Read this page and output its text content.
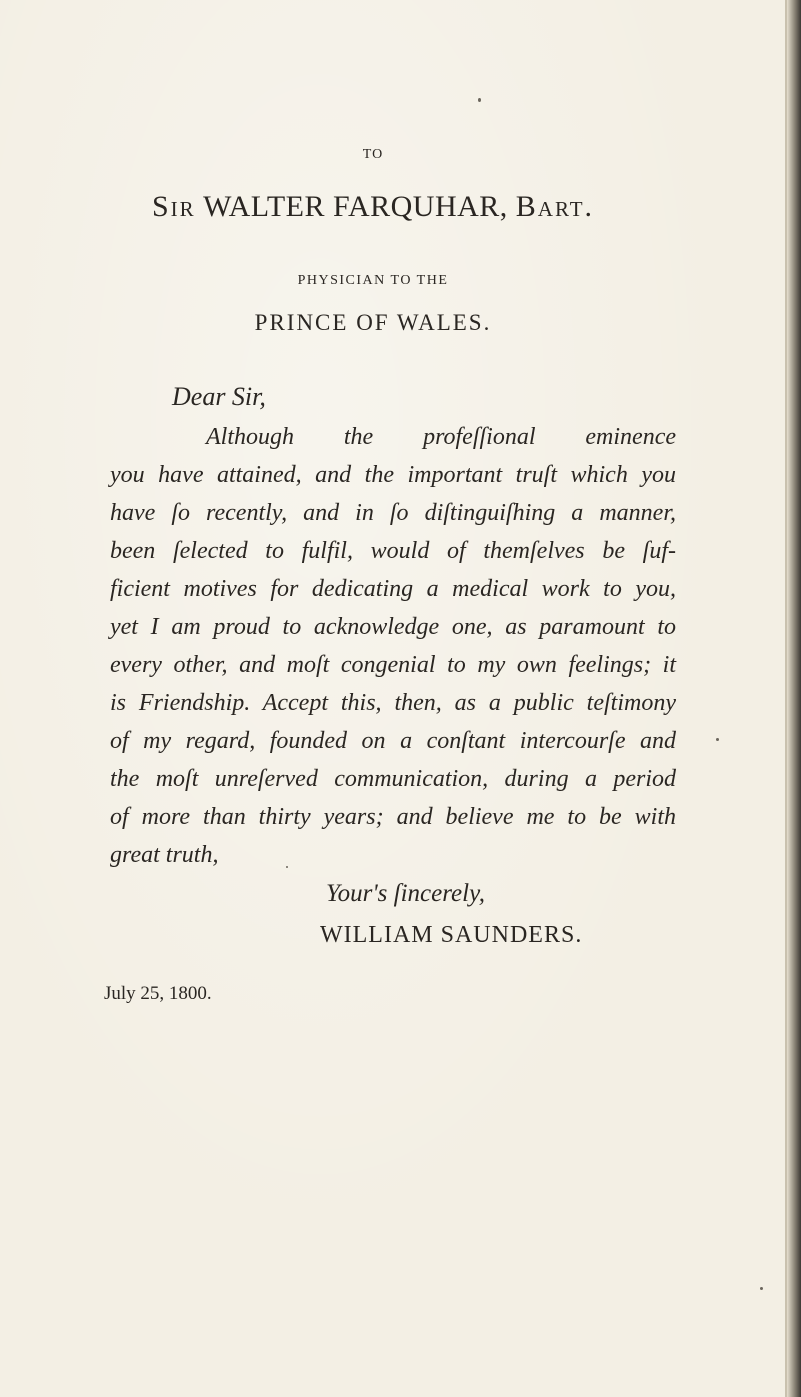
TO
Sir WALTER FARQUHAR, Bart.
PHYSICIAN TO THE
PRINCE OF WALES.
Dear Sir,
Although the profeſſional eminence
you have attained, and the important truſt which you
have ſo recently, and in ſo diſtinguiſhing a manner,
been ſelected to fulfil, would of themſelves be ſuf-
ficient motives for dedicating a medical work to you,
yet I am proud to acknowledge one, as paramount to
every other, and moſt congenial to my own feelings; it
is Friendship. Accept this, then, as a public teſtimony
of my regard, founded on a conſtant intercourſe and
the moſt unreſerved communication, during a period
of more than thirty years; and believe me to be with
great truth,
Your's ſincerely,
WILLIAM SAUNDERS.
July 25, 1800.
